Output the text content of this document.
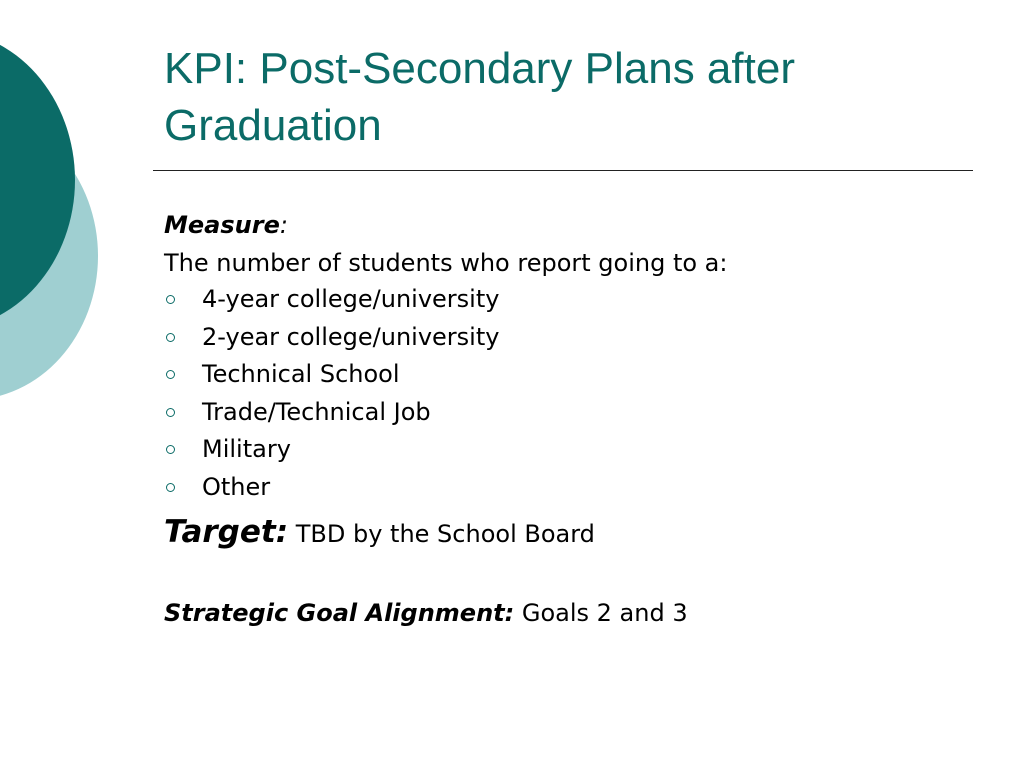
KPI: Post-Secondary Plans after Graduation

Measure:

The number of students who report going to a:

4-year college/university
2-year college/university
Technical School
Trade/Technical Job
Military
Other

Target: TBD by the School Board

Strategic Goal Alignment: Goals 2 and 3
